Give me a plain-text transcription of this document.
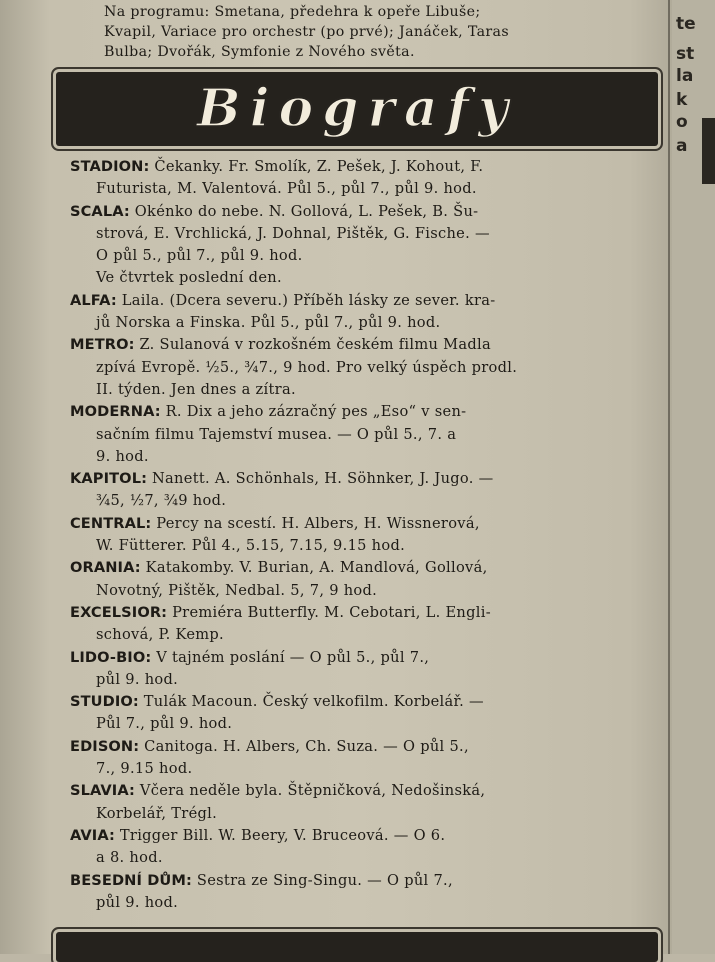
Na programu: Smetana, předehra k opeře Libuše;
Kvapil, Variace pro orchestr (po prvé); Janáček, Taras
Bulba; Dvořák, Symfonie z Nového světa.
Biografy
STADION: Čekanky. Fr. Smolík, Z. Pešek, J. Kohout, F.
Futurista, M. Valentová. Půl 5., půl 7., půl 9. hod.
SCALA: Okénko do nebe. N. Gollová, L. Pešek, B. Šu-
strová, E. Vrchlická, J. Dohnal, Pištěk, G. Fische. —
O půl 5., půl 7., půl 9. hod.
Ve čtvrtek poslední den.
ALFA: Laila. (Dcera severu.) Příběh lásky ze sever. kra-
jů Norska a Finska. Půl 5., půl 7., půl 9. hod.
METRO: Z. Sulanová v rozkošném českém filmu Madla
zpívá Evropě. ½5., ¾7., 9 hod. Pro velký úspěch prodl.
II. týden. Jen dnes a zítra.
MODERNA: R. Dix a jeho zázračný pes „Eso“ v sen-
sačním filmu Tajemství musea. — O půl 5., 7. a
9. hod.
KAPITOL: Nanett. A. Schönhals, H. Söhnker, J. Jugo. —
¾5, ½7, ¾9 hod.
CENTRAL: Percy na scestí. H. Albers, H. Wissnerová,
W. Fütterer. Půl 4., 5.15, 7.15, 9.15 hod.
ORANIA: Katakomby. V. Burian, A. Mandlová, Gollová,
Novotný, Pištěk, Nedbal. 5, 7, 9 hod.
EXCELSIOR: Premiéra Butterfly. M. Cebotari, L. Engli-
schová, P. Kemp.
LIDO-BIO: V tajném poslání — O půl 5., půl 7.,
půl 9. hod.
STUDIO: Tulák Macoun. Český velkofilm. Korbelář. —
Půl 7., půl 9. hod.
EDISON: Canitoga. H. Albers, Ch. Suza. — O půl 5.,
7., 9.15 hod.
SLAVIA: Včera neděle byla. Štěpničková, Nedošinská,
Korbelář, Trégl.
AVIA: Trigger Bill. W. Beery, V. Bruceová. — O 6.
a 8. hod.
BESEDNÍ DŮM: Sestra ze Sing-Singu. — O půl 7.,
půl 9. hod.
te
st
la
k
o
a
